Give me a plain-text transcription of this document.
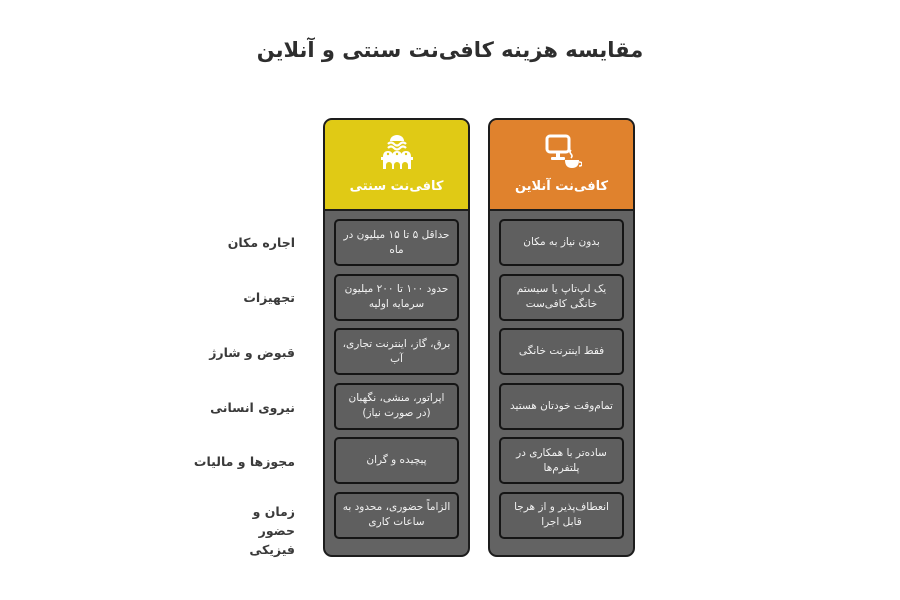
مقایسه هزینه کافی‌نت سنتی و آنلاین
اجاره مکان
تجهیزات
قبوض و شارژ
نیروی انسانی
مجوزها و مالیات
زمان و حضور فیزیکی
کافی‌نت سنتی
حداقل ۵ تا ۱۵ میلیون در ماه
حدود ۱۰۰ تا ۲۰۰ میلیون سرمایه اولیه
برق، گاز، اینترنت تجاری، آب
اپراتور، منشی، نگهبان (در صورت نیاز)
پیچیده و گران
الزاماً حضوری، محدود به ساعات کاری
کافی‌نت آنلاین
بدون نیاز به مکان
یک لپ‌تاپ یا سیستم خانگی کافی‌ست
فقط اینترنت خانگی
تمام‌وقت خودتان هستید
ساده‌تر با همکاری در پلتفرم‌ها
انعطاف‌پذیر و از هرجا قابل اجرا
